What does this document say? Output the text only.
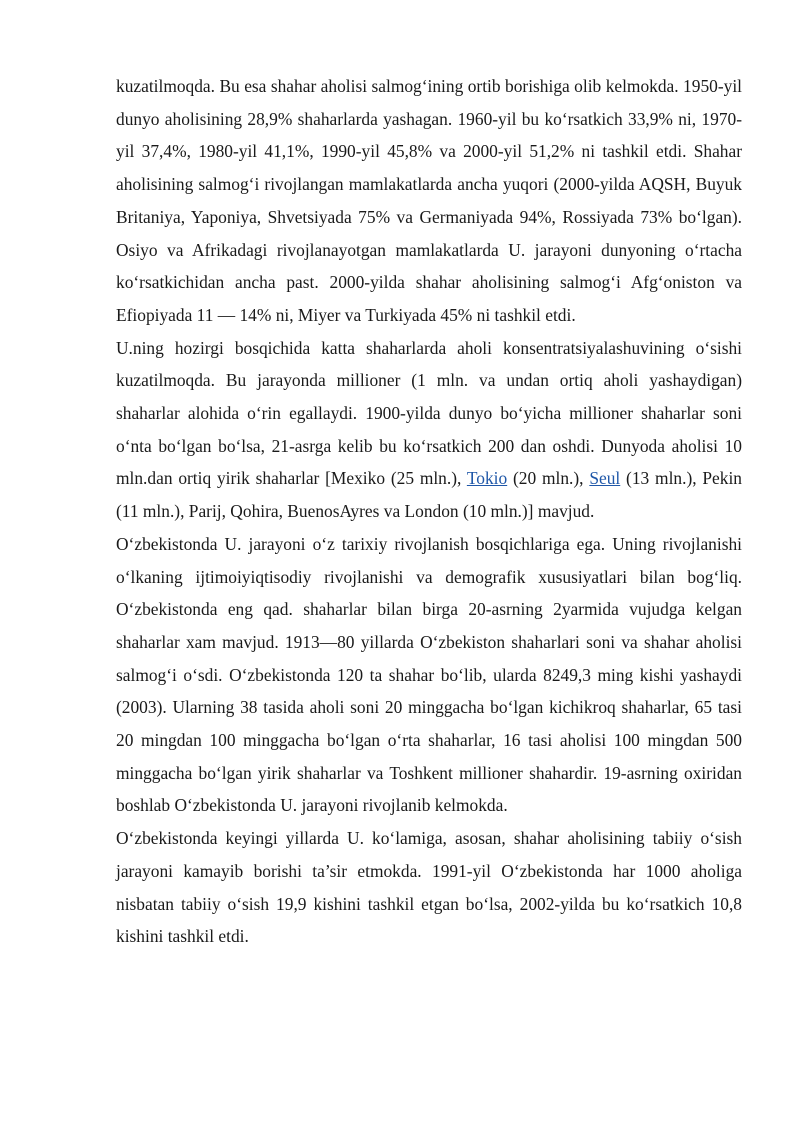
kuzatilmoqda. Bu esa shahar aholisi salmog‘ining ortib borishiga olib kelmokda. 1950-yil dunyo aholisining 28,9% shaharlarda yashagan. 1960-yil bu ko‘rsatkich 33,9% ni, 1970-yil 37,4%, 1980-yil 41,1%, 1990-yil 45,8% va 2000-yil 51,2% ni tashkil etdi. Shahar aholisining salmog‘i rivojlangan mamlakatlarda ancha yuqori (2000-yilda AQSH, Buyuk Britaniya, Yaponiya, Shvetsiyada 75% va Germaniyada 94%, Rossiyada 73% bo‘lgan). Osiyo va Afrikadagi rivojlanayotgan mamlakatlarda U. jarayoni dunyoning o‘rtacha ko‘rsatkichidan ancha past. 2000-yilda shahar aholisining salmog‘i Afg‘oniston va Efiopiyada 11 — 14% ni, Miyer va Turkiyada 45% ni tashkil etdi.

U.ning hozirgi bosqichida katta shaharlarda aholi konsentratsiyalashuvining o‘sishi kuzatilmoqda. Bu jarayonda millioner (1 mln. va undan ortiq aholi yashaydigan) shaharlar alohida o‘rin egallaydi. 1900-yilda dunyo bo‘yicha millioner shaharlar soni o‘nta bo‘lgan bo‘lsa, 21-asrga kelib bu ko‘rsatkich 200 dan oshdi. Dunyoda aholisi 10 mln.dan ortiq yirik shaharlar [Mexiko (25 mln.), Tokio (20 mln.), Seul (13 mln.), Pekin (11 mln.), Parij, Qohira, BuenosAyres va London (10 mln.)] mavjud.

O‘zbekistonda U. jarayoni o‘z tarixiy rivojlanish bosqichlariga ega. Uning rivojlanishi o‘lkaning ijtimoiyiqtisodiy rivojlanishi va demografik xususiyatlari bilan bog‘liq. O‘zbekistonda eng qad. shaharlar bilan birga 20-asrning 2yarmida vujudga kelgan shaharlar xam mavjud. 1913—80 yillarda O‘zbekiston shaharlari soni va shahar aholisi salmog‘i o‘sdi. O‘zbekistonda 120 ta shahar bo‘lib, ularda 8249,3 ming kishi yashaydi (2003). Ularning 38 tasida aholi soni 20 minggacha bo‘lgan kichikroq shaharlar, 65 tasi 20 mingdan 100 minggacha bo‘lgan o‘rta shaharlar, 16 tasi aholisi 100 mingdan 500 minggacha bo‘lgan yirik shaharlar va Toshkent millioner shahardir. 19-asrning oxiridan boshlab O‘zbekistonda U. jarayoni rivojlanib kelmokda.

O‘zbekistonda keyingi yillarda U. ko‘lamiga, asosan, shahar aholisining tabiiy o‘sish jarayoni kamayib borishi ta’sir etmokda. 1991-yil O‘zbekistonda har 1000 aholiga nisbatan tabiiy o‘sish 19,9 kishini tashkil etgan bo‘lsa, 2002-yilda bu ko‘rsatkich 10,8 kishini tashkil etdi.
